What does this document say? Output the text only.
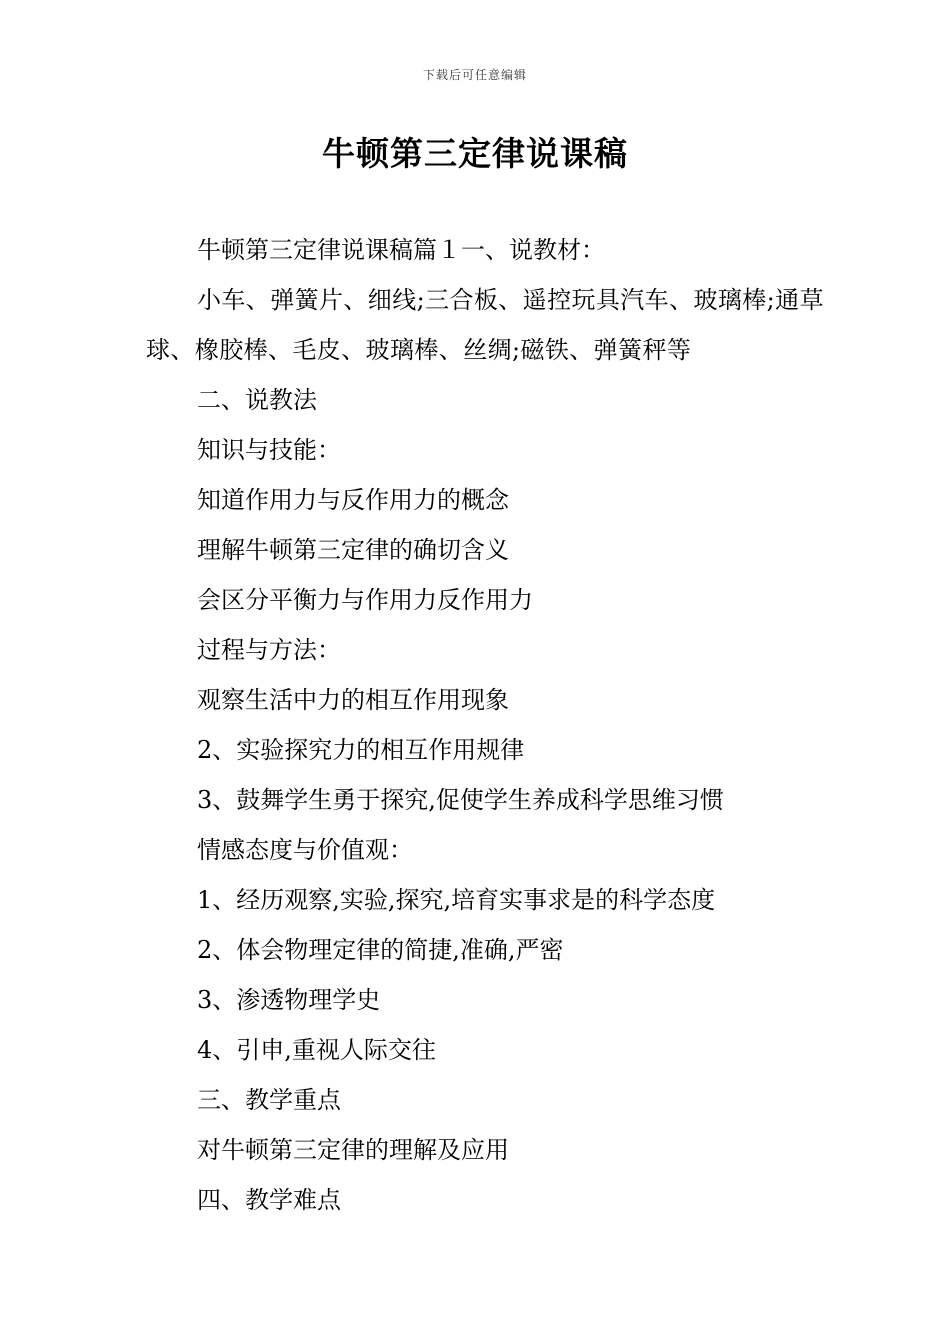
下载后可任意编辑
牛顿第三定律说课稿

牛顿第三定律说课稿篇１一、说教材：

小车、弹簧片、细线;三合板、遥控玩具汽车、玻璃棒;通草球、橡胶棒、毛皮、玻璃棒、丝绸;磁铁、弹簧秤等

二、说教法

知识与技能：

知道作用力与反作用力的概念

理解牛顿第三定律的确切含义

会区分平衡力与作用力反作用力

过程与方法：

观察生活中力的相互作用现象

2、实验探究力的相互作用规律

3、鼓舞学生勇于探究,促使学生养成科学思维习惯

情感态度与价值观：

1、经历观察,实验,探究,培育实事求是的科学态度

2、体会物理定律的简捷,准确,严密

3、渗透物理学史

4、引申,重视人际交往

三、教学重点

对牛顿第三定律的理解及应用

四、教学难点
